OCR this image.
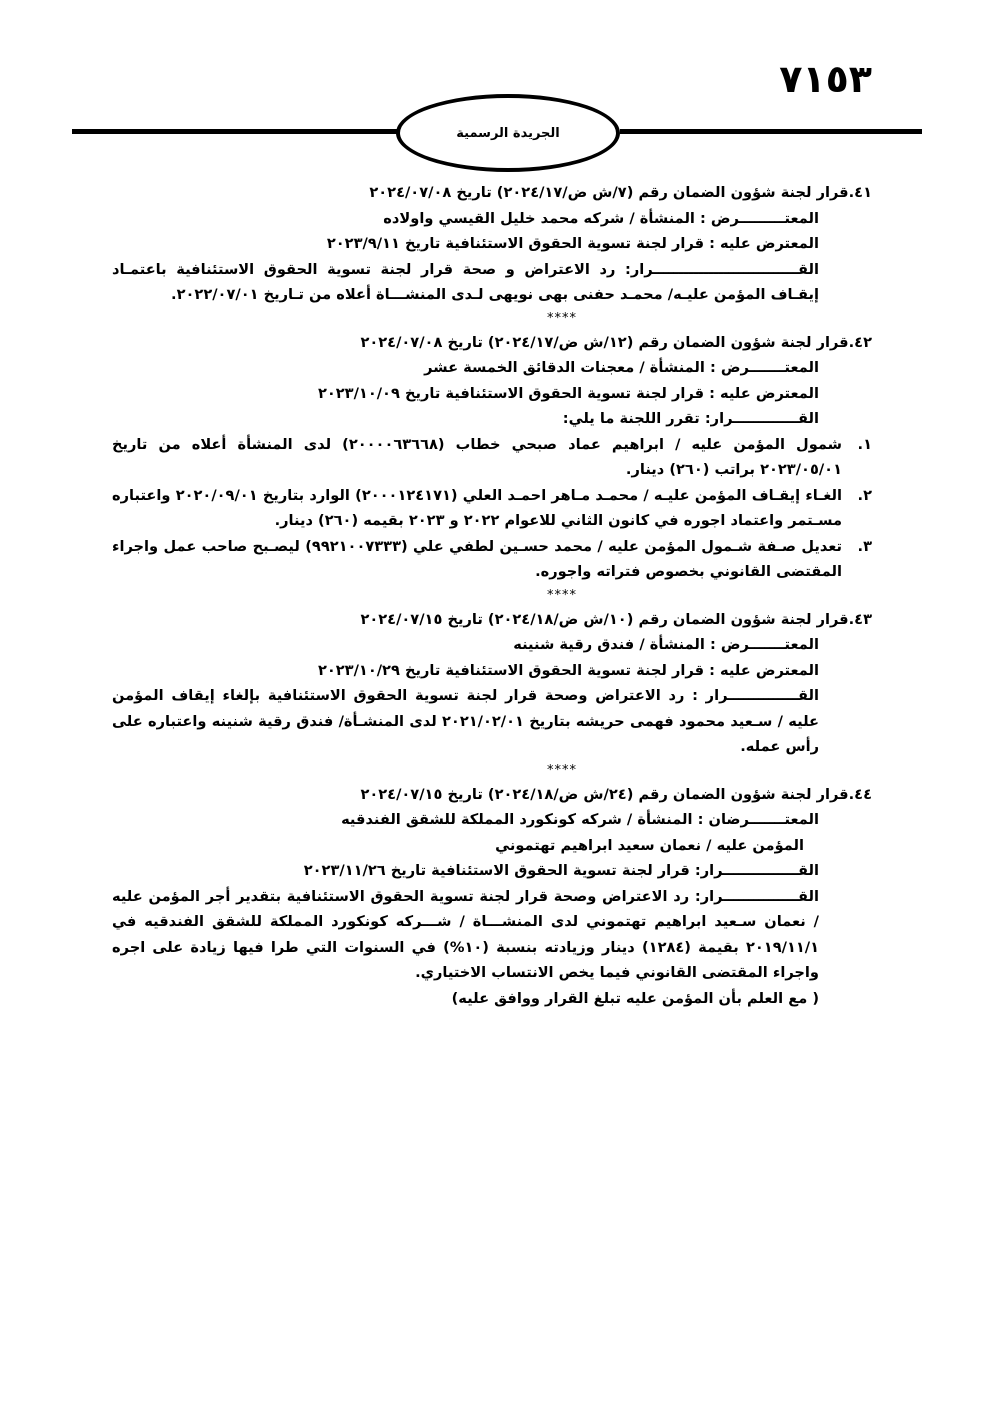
٧١٥٣
الجريدة الرسمية
٤١.قرار لجنة شؤون الضمان رقم (٧/ش ض/٢٠٢٤/١٧) تاريخ ٢٠٢٤/٠٧/٠٨
المعتـــــــــرض : المنشأة / شركه محمد خليل القيسي واولاده
المعترض عليه : قرار لجنة تسوية الحقوق الاستئنافية تاريخ ٢٠٢٣/٩/١١
القـــــــــــــــــــــــــــــرار: رد الاعتراض و صحة قرار لجنة تسوية الحقوق الاستئنافية باعتمـاد إيقـاف المؤمن عليـه/ محمـد حفنى بهى نويهى لـدى المنشـــاة أعلاه من تـاريخ ٢٠٢٢/٠٧/٠١.
****
٤٢.قرار لجنة شؤون الضمان رقم (١٢/ش ض/٢٠٢٤/١٧) تاريخ ٢٠٢٤/٠٧/٠٨
المعتـــــــرض : المنشأة / معجنات الدقائق الخمسة عشر
المعترض عليه : قرار لجنة تسوية الحقوق الاستئنافية تاريخ ٢٠٢٣/١٠/٠٩
القـــــــــــــرار: تقرر اللجنة ما يلي:
١.
شمول المؤمن عليه / ابراهيم عماد صبحي خطاب (٢٠٠٠٠٦٣٦٦٨) لدى المنشأة أعلاه من تاريخ ٢٠٢٣/٠٥/٠١ براتب (٢٦٠) دينار.
٢.
الغـاء إيقـاف المؤمن عليـه / محمـد مـاهر احمـد العلي (٢٠٠٠١٢٤١٧١) الوارد بتاريخ ٢٠٢٠/٠٩/٠١ واعتباره مسـتمر واعتماد اجوره في كانون الثاني للاعوام ٢٠٢٢ و ٢٠٢٣ بقيمه (٢٦٠) دينار.
٣.
تعديل صـفة شـمول المؤمن عليه / محمد حسـين لطفي علي (٩٩٢١٠٠٧٣٣٣) ليصـبح صاحب عمل واجراء المقتضى القانوني بخصوص فتراته واجوره.
****
٤٣.قرار لجنة شؤون الضمان رقم (١٠/ش ض/٢٠٢٤/١٨) تاريخ ٢٠٢٤/٠٧/١٥
المعتـــــــرض : المنشأة / فندق رقية شنينه
المعترض عليه : قرار لجنة تسوية الحقوق الاستئنافية تاريخ ٢٠٢٣/١٠/٢٩
القــــــــــــــرار : رد الاعتراض وصحة قرار لجنة تسوية الحقوق الاستئنافية بإلغاء إيقاف المؤمن عليه / سـعيد محمود فهمى حريشه بتاريخ ٢٠٢١/٠٢/٠١ لدى المنشـأة/ فندق رقية شنينه واعتباره على رأس عمله.
****
٤٤.قرار لجنة شؤون الضمان رقم (٢٤/ش ض/٢٠٢٤/١٨) تاريخ ٢٠٢٤/٠٧/١٥
المعتـــــــرضان : المنشأة / شركه كونكورد المملكة للشقق الفندقيه
المؤمن عليه / نعمان سعيد ابراهيم تهتموني
القـــــــــــــــرار: قرار لجنة تسوية الحقوق الاستئنافية تاريخ ٢٠٢٣/١١/٢٦
القـــــــــــــــرار: رد الاعتراض وصحة قرار لجنة تسوية الحقوق الاستئنافية بتقدير أجر المؤمن عليه / نعمان سـعيد ابراهيم تهتموني لدى المنشـــاة / شـــركه كونكورد المملكة للشقق الفندقيه في ٢٠١٩/١١/١ بقيمة (١٢٨٤) دينار وزيادته بنسبة (١٠%) في السنوات التي طرا فيها زيادة على اجره واجراء المقتضى القانوني فيما يخص الانتساب الاختياري.
( مع العلم بأن المؤمن عليه تبلغ القرار ووافق عليه)
